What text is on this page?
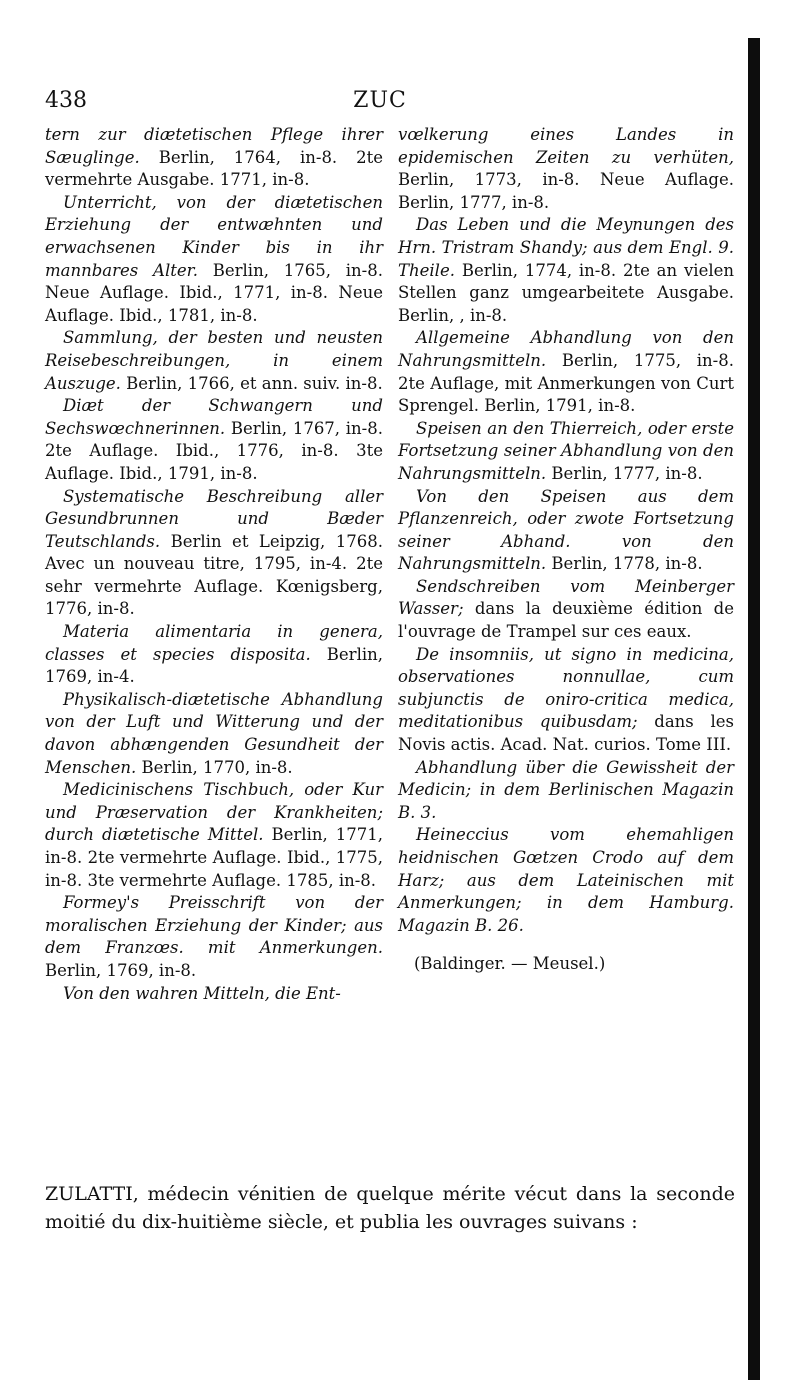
438	ZUC

tern zur diætetischen Pflege ihrer Sæuglinge. Berlin, 1764, in-8. 2te vermehrte Ausgabe. 1771, in-8.

Unterricht, von der diætetischen Erziehung der entwæhnten und erwachsenen Kinder bis in ihr mannbares Alter. Berlin, 1765, in-8. Neue Auflage. Ibid., 1771, in-8. Neue Auflage. Ibid., 1781, in-8.

Sammlung, der besten und neusten Reisebeschreibungen, in einem Auszuge. Berlin, 1766, et ann. suiv. in-8.

Diæt der Schwangern und Sechswœchnerinnen. Berlin, 1767, in-8. 2te Auflage. Ibid., 1776, in-8. 3te Auflage. Ibid., 1791, in-8.

Systematische Beschreibung aller Gesundbrunnen und Bæder Teutschlands. Berlin et Leipzig, 1768. Avec un nouveau titre, 1795, in-4. 2te sehr vermehrte Auflage. Kœnigsberg, 1776, in-8.

Materia alimentaria in genera, classes et species disposita. Berlin, 1769, in-4.

Physikalisch-diætetische Abhandlung von der Luft und Witterung und der davon abhængenden Gesundheit der Menschen. Berlin, 1770, in-8.

Medicinischens Tischbuch, oder Kur und Præservation der Krankheiten; durch diætetische Mittel. Berlin, 1771, in-8. 2te vermehrte Auflage. Ibid., 1775, in-8. 3te vermehrte Auflage. 1785, in-8.

Formey's Preisschrift von der moralischen Erziehung der Kinder; aus dem Franzœs. mit Anmerkungen. Berlin, 1769, in-8.

Von den wahren Mitteln, die Ent-

vœlkerung eines Landes in epidemischen Zeiten zu verhüten, Berlin, 1773, in-8. Neue Auflage. Berlin, 1777, in-8.

Das Leben und die Meynungen des Hrn. Tristram Shandy; aus dem Engl. 9. Theile. Berlin, 1774, in-8. 2te an vielen Stellen ganz umgearbeitete Ausgabe. Berlin, , in-8.

Allgemeine Abhandlung von den Nahrungsmitteln. Berlin, 1775, in-8. 2te Auflage, mit Anmerkungen von Curt Sprengel. Berlin, 1791, in-8.

Speisen an den Thierreich, oder erste Fortsetzung seiner Abhandlung von den Nahrungsmitteln. Berlin, 1777, in-8.

Von den Speisen aus dem Pflanzenreich, oder zwote Fortsetzung seiner Abhand. von den Nahrungsmitteln. Berlin, 1778, in-8.

Sendschreiben vom Meinberger Wasser; dans la deuxième édition de l'ouvrage de Trampel sur ces eaux.

De insomniis, ut signo in medicina, observationes nonnullae, cum subjunctis de oniro-critica medica, meditationibus quibusdam; dans les Novis actis. Acad. Nat. curios. Tome III.

Abhandlung über die Gewissheit der Medicin; in dem Berlinischen Magazin B. 3.

Heineccius vom ehemahligen heidnischen Gœtzen Crodo auf dem Harz; aus dem Lateinischen mit Anmerkungen; in dem Hamburg. Magazin B. 26.

(Baldinger. — Meusel.)

ZULATTI, médecin vénitien de quelque mérite vécut dans la seconde moitié du dix-huitième siècle, et publia les ouvrages suivans :
